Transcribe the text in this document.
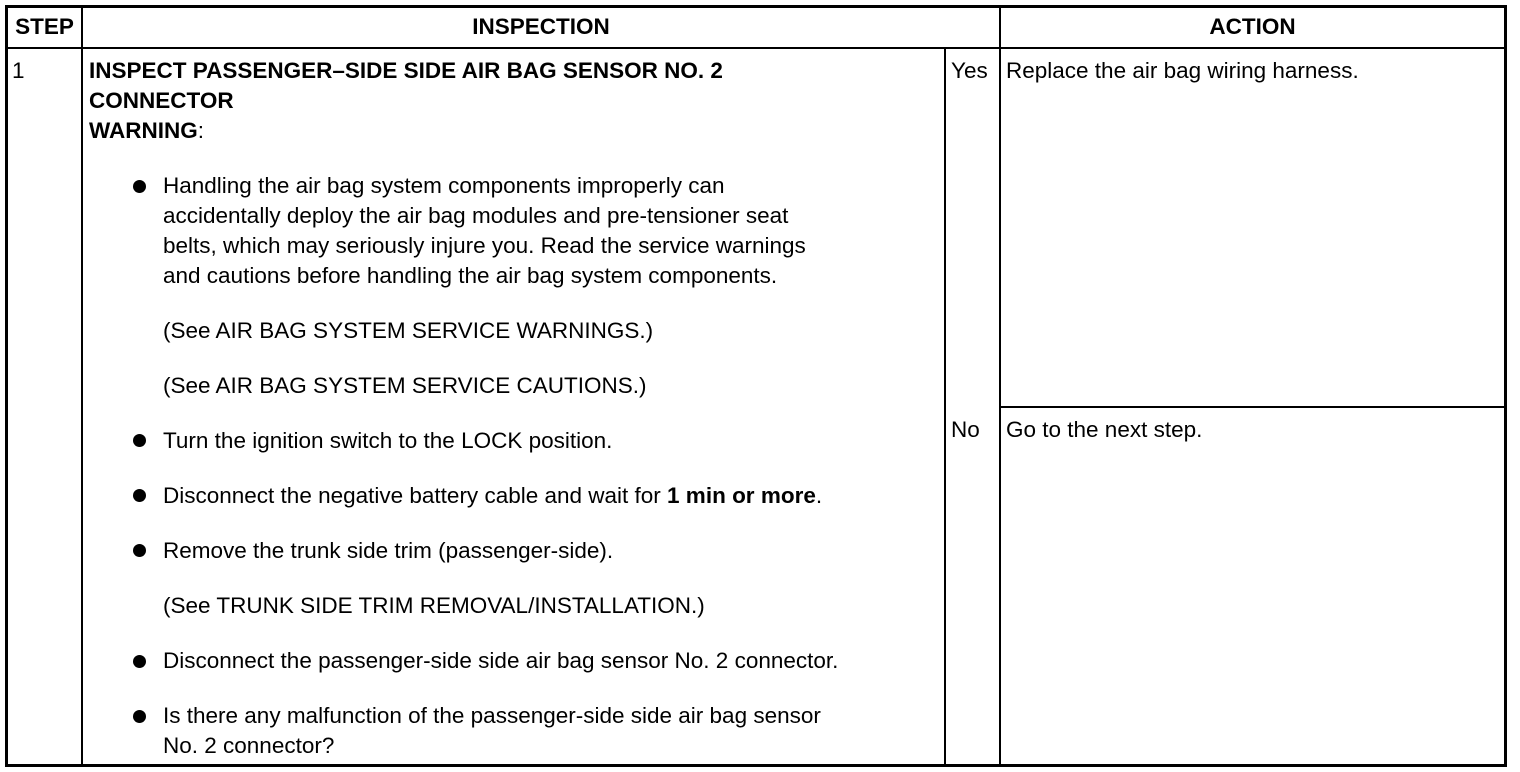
STEP	INSPECTION	ACTION
1	INSPECT PASSENGER–SIDE SIDE AIR BAG SENSOR NO. 2
CONNECTOR
WARNING:
Handling the air bag system components improperly can
accidentally deploy the air bag modules and pre-tensioner seat
belts, which may seriously injure you. Read the service warnings
and cautions before handling the air bag system components.
(See AIR BAG SYSTEM SERVICE WARNINGS.)
(See AIR BAG SYSTEM SERVICE CAUTIONS.)
Turn the ignition switch to the LOCK position.
Disconnect the negative battery cable and wait for 1 min or more.
Remove the trunk side trim (passenger-side).
(See TRUNK SIDE TRIM REMOVAL/INSTALLATION.)
Disconnect the passenger-side side air bag sensor No. 2 connector.
Is there any malfunction of the passenger-side side air bag sensor
No. 2 connector?
Yes Replace the air bag wiring harness.
No Go to the next step.
